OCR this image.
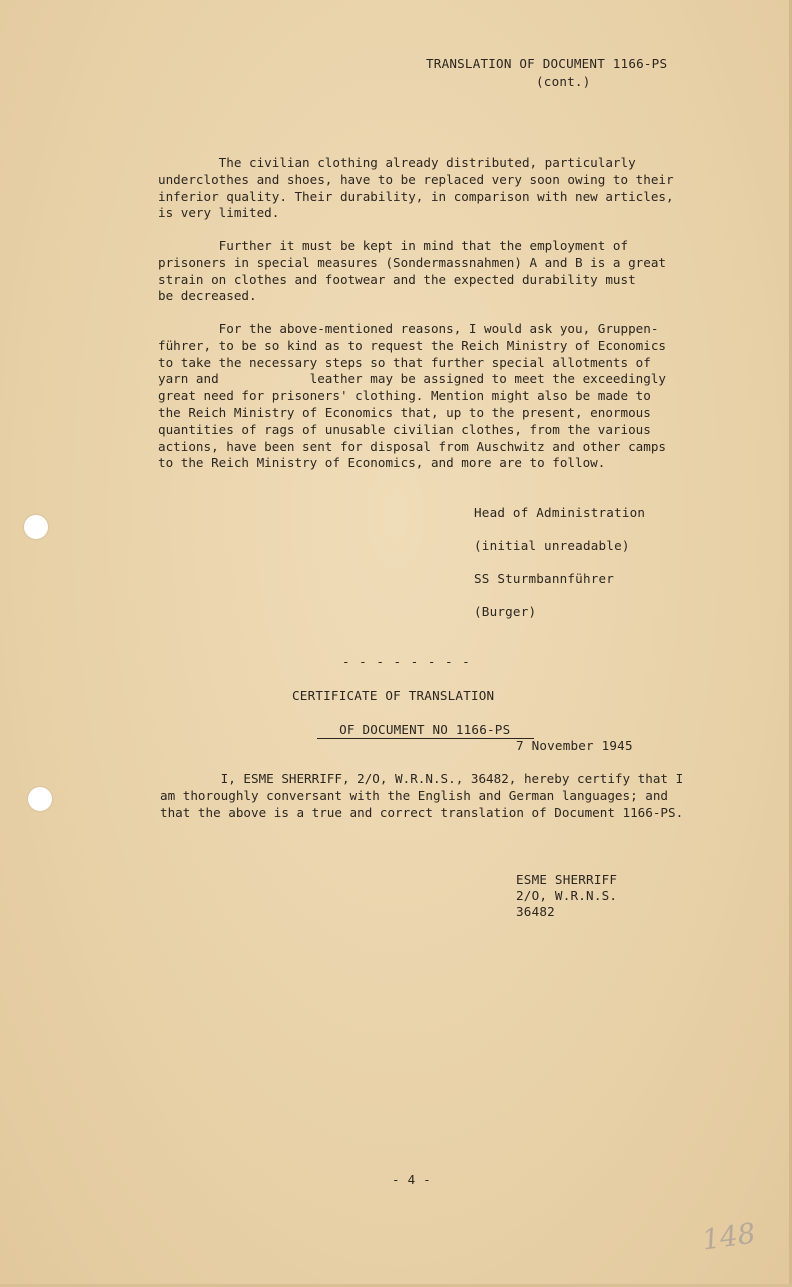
TRANSLATION OF DOCUMENT 1166-PS
(cont.)
The civilian clothing already distributed, particularly
underclothes and shoes, have to be replaced very soon owing to their
inferior quality. Their durability, in comparison with new articles,
is very limited.
Further it must be kept in mind that the employment of
prisoners in special measures (Sondermassnahmen) A and B is a great
strain on clothes and footwear and the expected durability must
be decreased.
For the above-mentioned reasons, I would ask you, Gruppen-
führer, to be so kind as to request the Reich Ministry of Economics
to take the necessary steps so that further special allotments of
yarn and            leather may be assigned to meet the exceedingly
great need for prisoners' clothing. Mention might also be made to
the Reich Ministry of Economics that, up to the present, enormous
quantities of rags of unusable civilian clothes, from the various
actions, have been sent for disposal from Auschwitz and other camps
to the Reich Ministry of Economics, and more are to follow.
Head of Administration
(initial unreadable)
SS Sturmbannführer
(Burger)
- - - - - - - -
CERTIFICATE OF TRANSLATION

OF DOCUMENT NO 1166-PS

7 November 1945
I, ESME SHERRIFF, 2/O, W.R.N.S., 36482, hereby certify that I
am thoroughly conversant with the English and German languages; and
that the above is a true and correct translation of Document 1166-PS.
ESME SHERRIFF
2/O, W.R.N.S.
36482
- 4 -
148
